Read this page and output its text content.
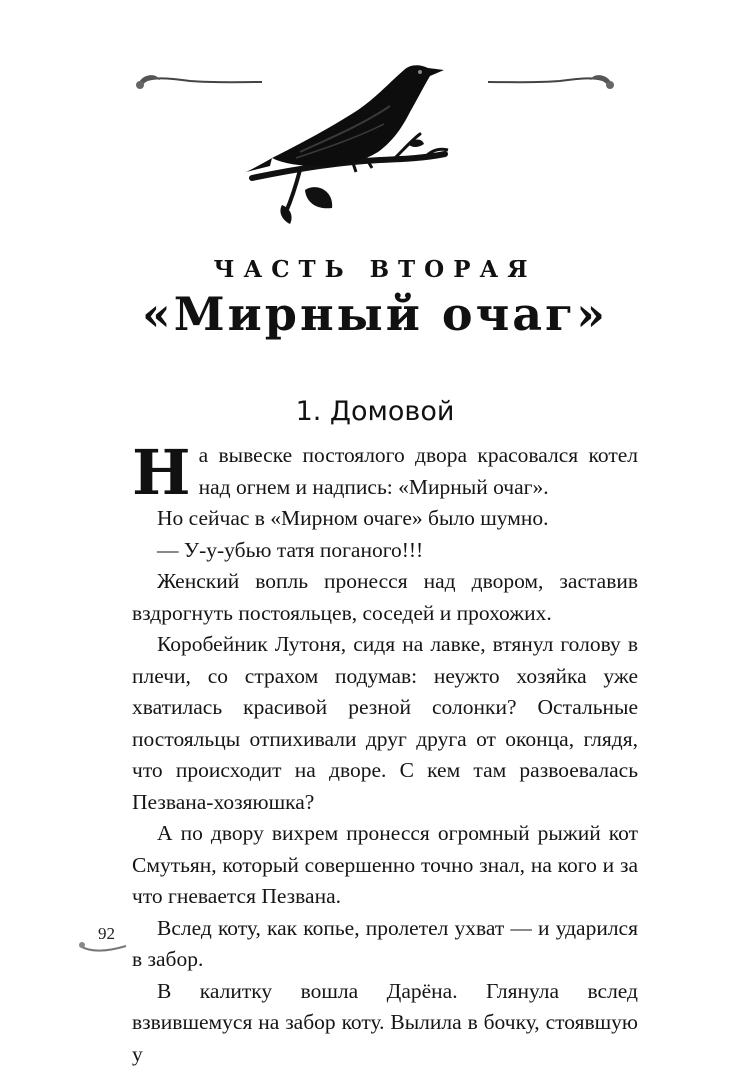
ЧАСТЬ ВТОРАЯ
«Мирный очаг»
1. Домовой

На вывеске постоялого двора красовался котел над огнем и надпись: «Мирный очаг».

Но сейчас в «Мирном очаге» было шумно.

— У-у-убью татя поганого!!!

Женский вопль пронесся над двором, заставив вздрогнуть постояльцев, соседей и прохожих.

Коробейник Лутоня, сидя на лавке, втянул голову в плечи, со страхом подумав: неужто хозяйка уже хватилась красивой резной солонки? Остальные постояльцы отпихивали друг друга от оконца, глядя, что происходит на дворе. С кем там развоевалась Пезвана-хозяюшка?

А по двору вихрем пронесся огромный рыжий кот Смутьян, который совершенно точно знал, на кого и за что гневается Пезвана.

Вслед коту, как копье, пролетел ухват — и ударился в забор.

В калитку вошла Дарёна. Глянула вслед взвившемуся на забор коту. Вылила в бочку, стоявшую у

92
